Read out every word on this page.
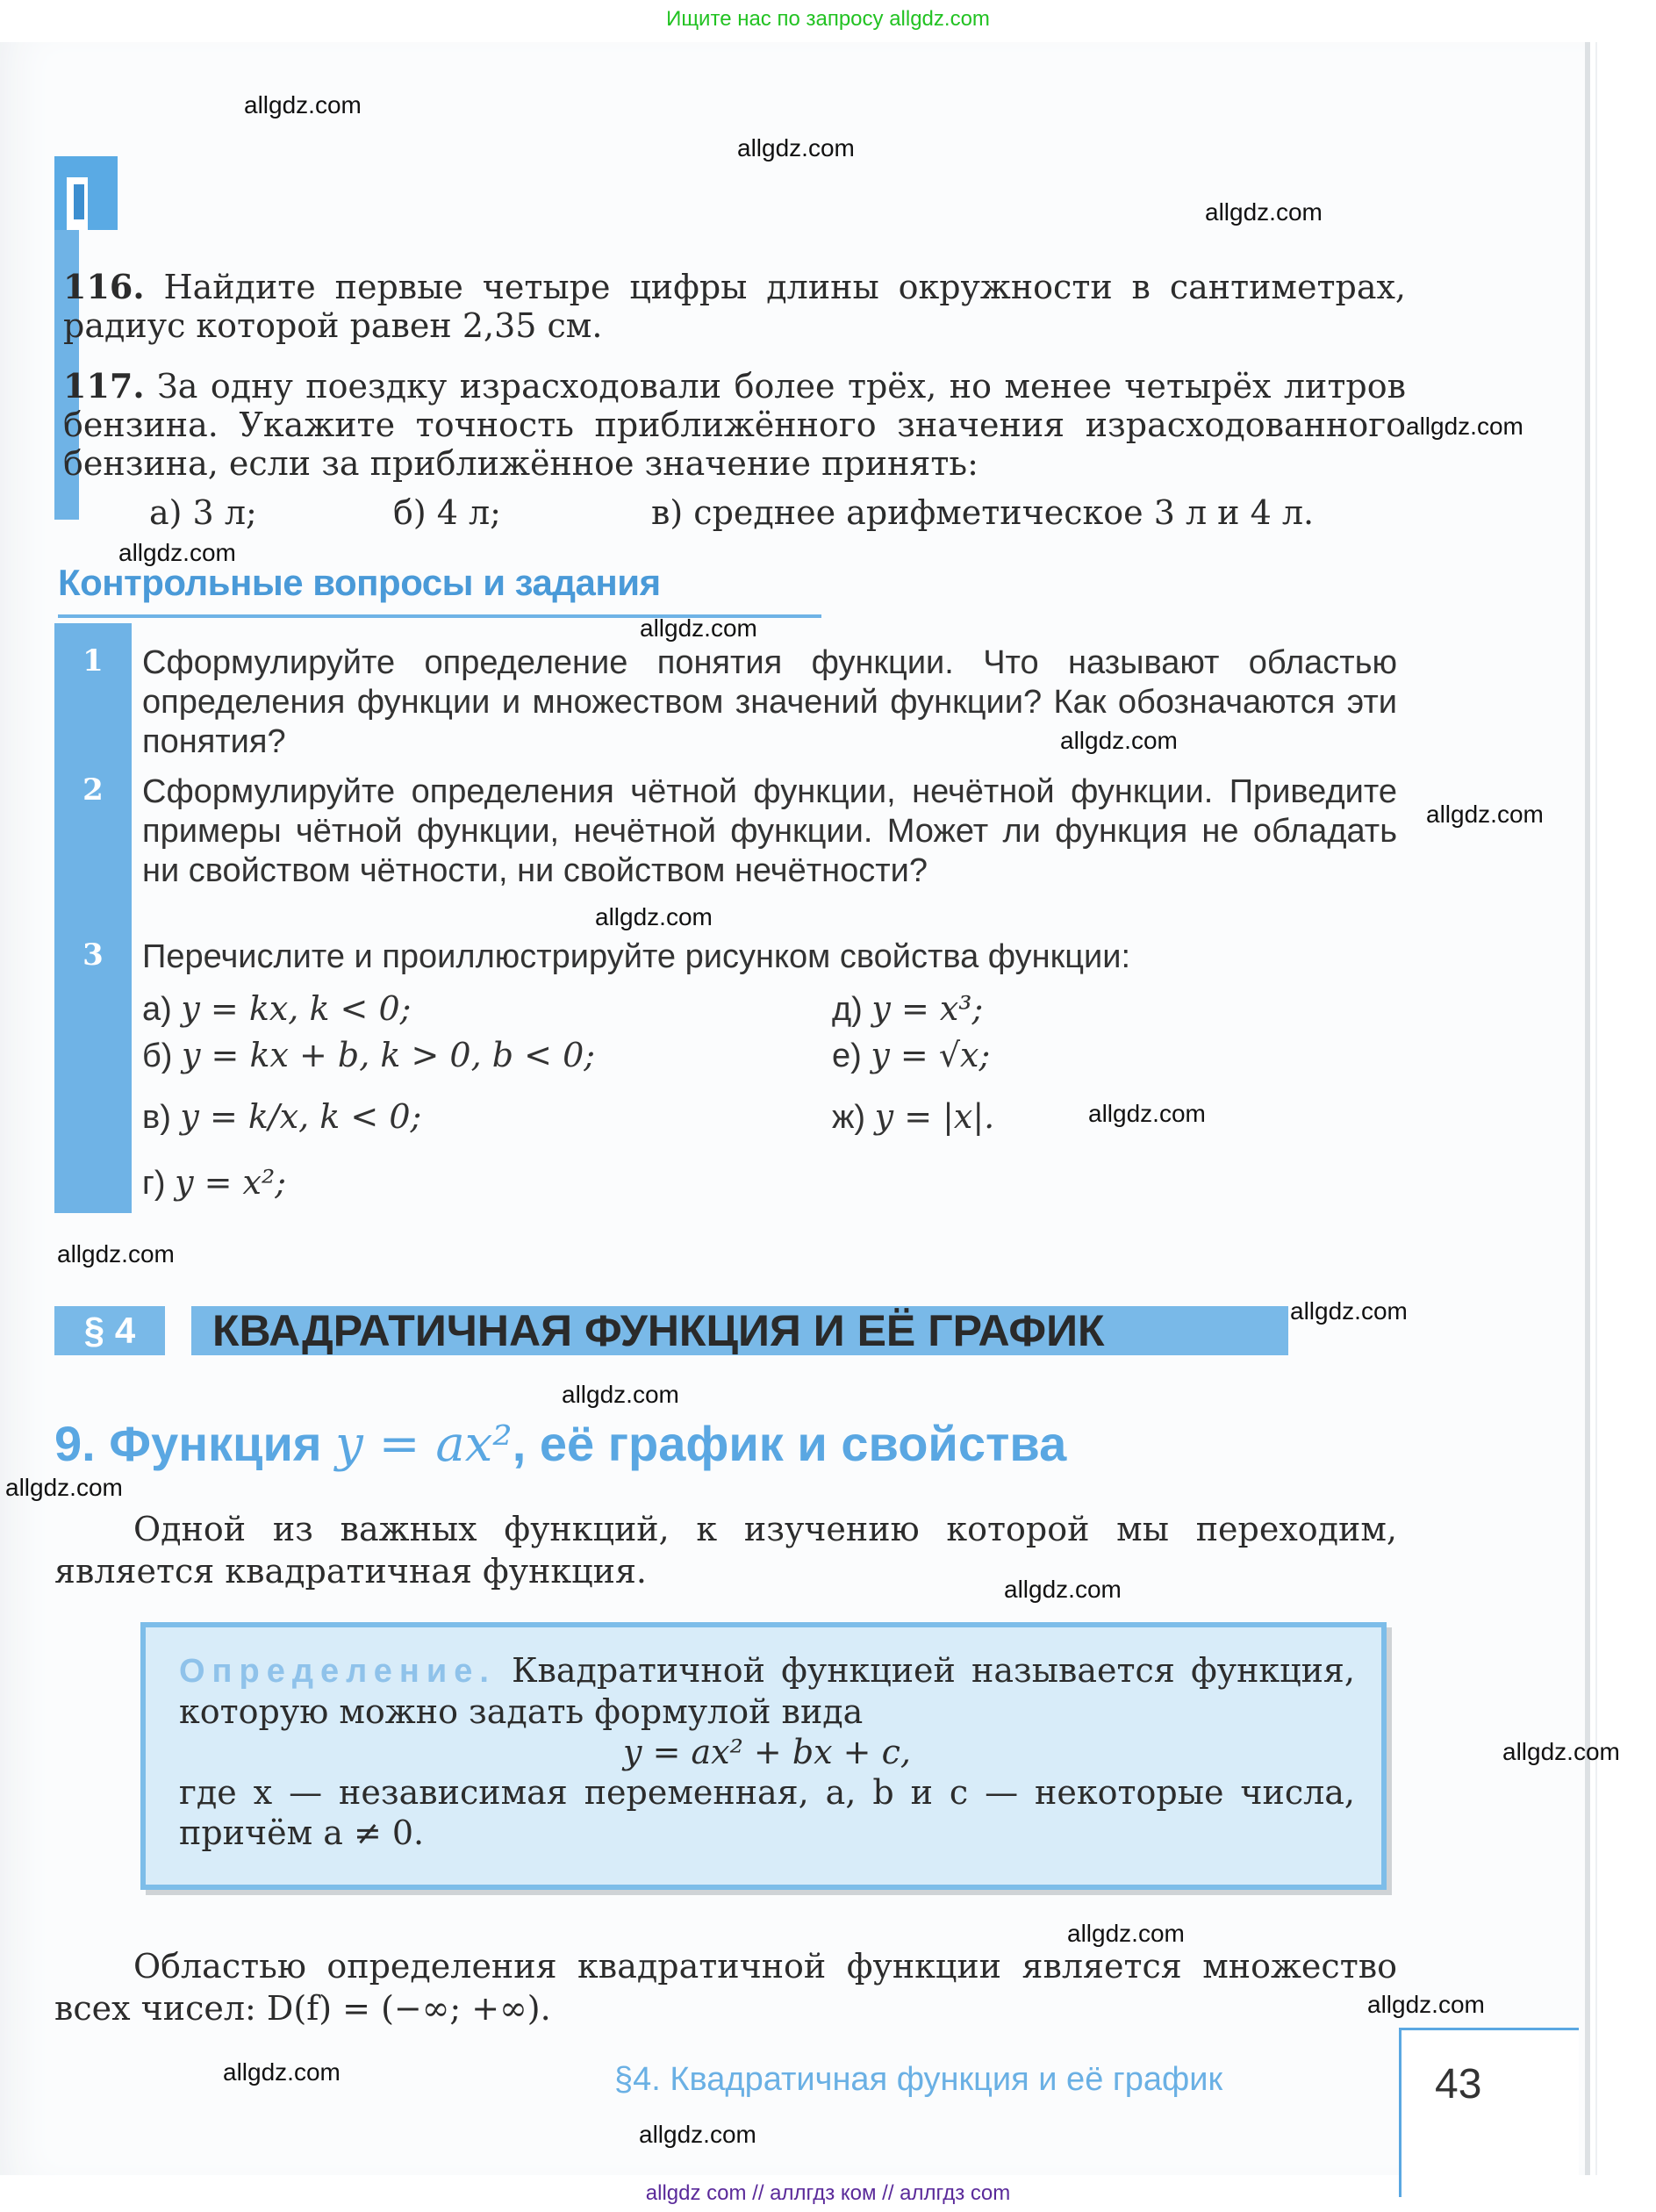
Ищите нас по запросу allgdz.com
116. Найдите первые четыре цифры длины окружности в сантиметрах, радиус которой равен 2,35 см.
117. За одну поездку израсходовали более трёх, но менее четырёх литров бензина. Укажите точность приближённого значения израсходованного бензина, если за приближённое значение принять:
а) 3 л;	б) 4 л;	в) среднее арифметическое 3 л и 4 л.
Контрольные вопросы и задания
1	Сформулируйте определение понятия функции. Что называют областью определения функции и множеством значений функции? Как обозначаются эти понятия?
2	Сформулируйте определения чётной функции, нечётной функции. Приведите примеры чётной функции, нечётной функции. Может ли функция не обладать ни свойством чётности, ни свойством нечётности?
3	Перечислите и проиллюстрируйте рисунком свойства функции:
а) y = kx, k < 0;
б) y = kx + b, k > 0, b < 0;
в) y = k/x, k < 0;
г) y = x²;
д) y = x³;
е) y = √x;
ж) y = |x|.
§ 4	КВАДРАТИЧНАЯ ФУНКЦИЯ И ЕЁ ГРАФИК
9. Функция y = ax², её график и свойства
Одной из важных функций, к изучению которой мы переходим, является квадратичная функция.
Определение. Квадратичной функцией называется функция, которую можно задать формулой вида
y = ax² + bx + c,
где x — независимая переменная, a, b и c — некоторые числа, причём a ≠ 0.
Областью определения квадратичной функции является множество всех чисел: D(f) = (−∞; +∞).
§4. Квадратичная функция и её график	43
allgdz.com
allgdz.com
allgdz.com
allgdz.com
allgdz.com
allgdz.com
allgdz.com
allgdz.com
allgdz.com
allgdz.com
allgdz.com
allgdz.com
allgdz.com
allgdz.com
allgdz.com
allgdz.com
allgdz.com
allgdz.com
allgdz.com
allgdz.com
allgdz com // аллгдз ком // аллгдз com
